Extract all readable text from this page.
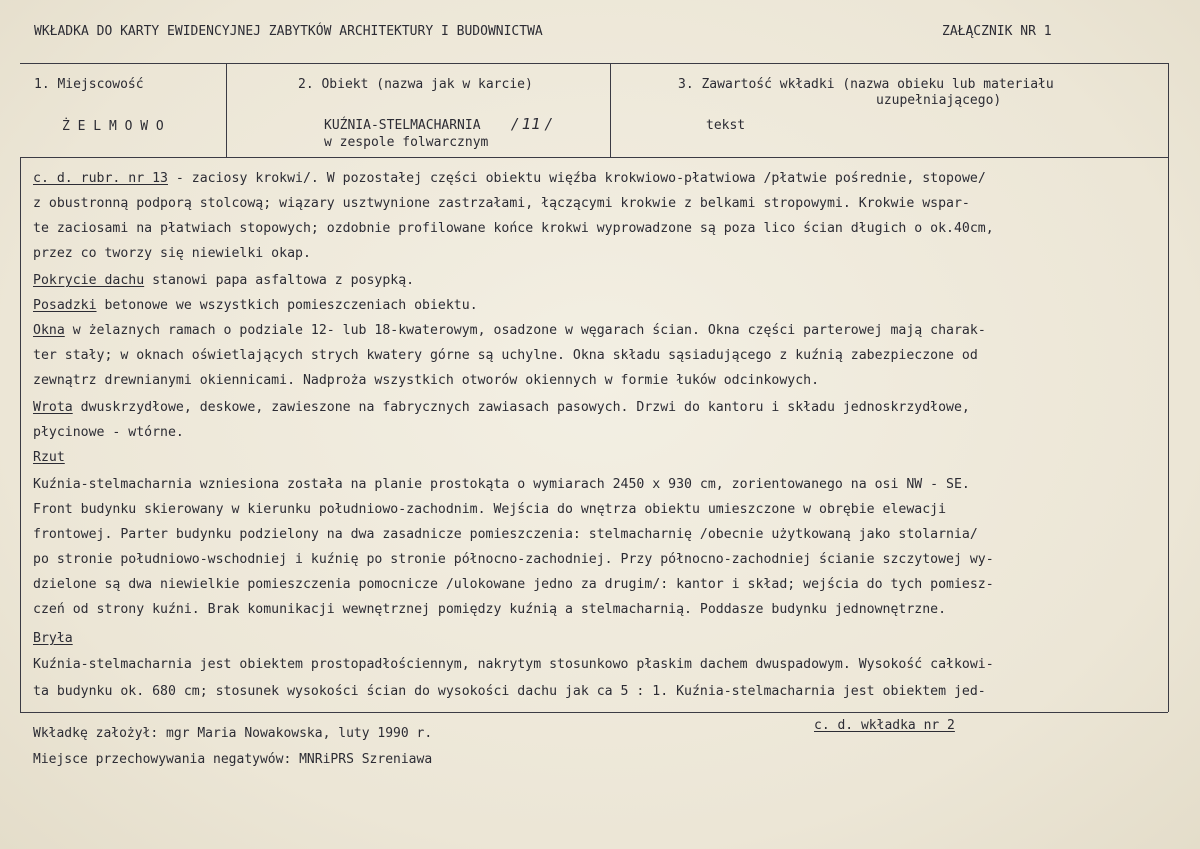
WKŁADKA DO KARTY EWIDENCYJNEJ ZABYTKÓW ARCHITEKTURY I BUDOWNICTWA	ZAŁĄCZNIK NR 1
1. Miejscowość
Ż E L M O W O
2. Obiekt (nazwa jak w karcie)
KUŹNIA-STELMACHARNIA / 11 /
w zespole folwarcznym
3. Zawartość wkładki (nazwa obieku lub materiału
uzupełniającego)
tekst
c. d. rubr. nr 13 - zaciosy krokwi/. W pozostałej części obiektu więźba krokwiowo-płatwiowa /płatwie pośrednie, stopowe/
z obustronną podporą stolcową; wiązary usztwynione zastrzałami, łączącymi krokwie z belkami stropowymi. Krokwie wspar-
te zaciosami na płatwiach stopowych; ozdobnie profilowane końce krokwi wyprowadzone są poza lico ścian długich o ok.40cm,
przez co tworzy się niewielki okap.
Pokrycie dachu stanowi papa asfaltowa z posypką.
Posadzki betonowe we wszystkich pomieszczeniach obiektu.
Okna w żelaznych ramach o podziale 12- lub 18-kwaterowym, osadzone w węgarach ścian. Okna części parterowej mają charak-
ter stały; w oknach oświetlających strych kwatery górne są uchylne. Okna składu sąsiadującego z kuźnią zabezpieczone od
zewnątrz drewnianymi okiennicami. Nadproża wszystkich otworów okiennych w formie łuków odcinkowych.
Wrota dwuskrzydłowe, deskowe, zawieszone na fabrycznych zawiasach pasowych. Drzwi do kantoru i składu jednoskrzydłowe,
płycinowe - wtórne.
Rzut
Kuźnia-stelmacharnia wzniesiona została na planie prostokąta o wymiarach 2450 x 930 cm, zorientowanego na osi NW - SE.
Front budynku skierowany w kierunku południowo-zachodnim. Wejścia do wnętrza obiektu umieszczone w obrębie elewacji
frontowej. Parter budynku podzielony na dwa zasadnicze pomieszczenia: stelmacharnię /obecnie użytkowaną jako stolarnia/
po stronie południowo-wschodniej i kuźnię po stronie północno-zachodniej. Przy północno-zachodniej ścianie szczytowej wy-
dzielone są dwa niewielkie pomieszczenia pomocnicze /ulokowane jedno za drugim/: kantor i skład; wejścia do tych pomiesz-
czeń od strony kuźni. Brak komunikacji wewnętrznej pomiędzy kuźnią a stelmacharnią. Poddasze budynku jednownętrzne.
Bryła
Kuźnia-stelmacharnia jest obiektem prostopadłościennym, nakrytym stosunkowo płaskim dachem dwuspadowym. Wysokość całkowi-
ta budynku ok. 680 cm; stosunek wysokości ścian do wysokości dachu jak ca 5 : 1. Kuźnia-stelmacharnia jest obiektem jed-
c. d. wkładka nr 2
Wkładkę założył: mgr Maria Nowakowska, luty 1990 r.
Miejsce przechowywania negatywów: MNRiPRS Szreniawa
